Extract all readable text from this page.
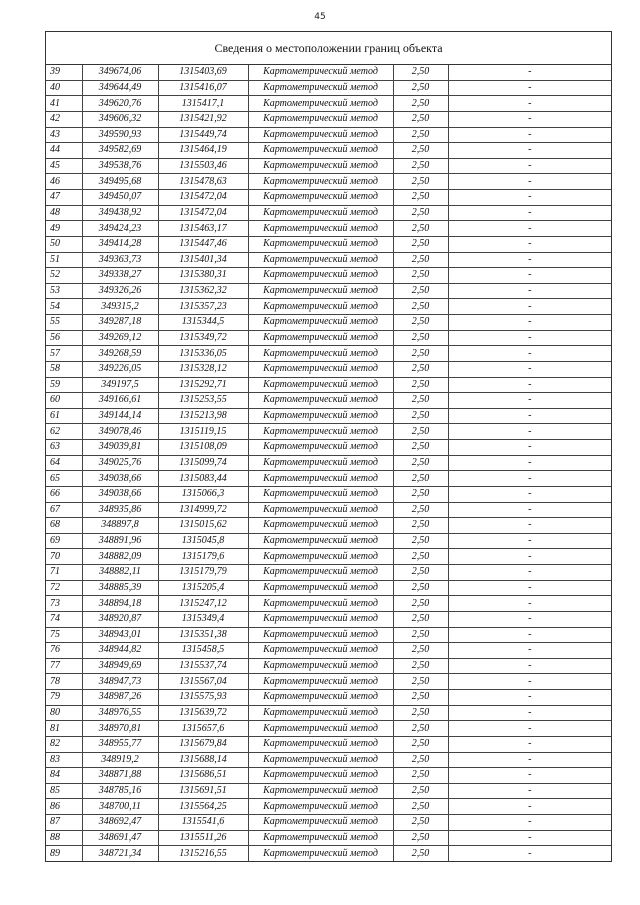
45
Сведения о местоположении границ объекта
39	349674,06	1315403,69	Картометрический метод	2,50	-
40	349644,49	1315416,07	Картометрический метод	2,50	-
41	349620,76	1315417,1	Картометрический метод	2,50	-
42	349606,32	1315421,92	Картометрический метод	2,50	-
43	349590,93	1315449,74	Картометрический метод	2,50	-
44	349582,69	1315464,19	Картометрический метод	2,50	-
45	349538,76	1315503,46	Картометрический метод	2,50	-
46	349495,68	1315478,63	Картометрический метод	2,50	-
47	349450,07	1315472,04	Картометрический метод	2,50	-
48	349438,92	1315472,04	Картометрический метод	2,50	-
49	349424,23	1315463,17	Картометрический метод	2,50	-
50	349414,28	1315447,46	Картометрический метод	2,50	-
51	349363,73	1315401,34	Картометрический метод	2,50	-
52	349338,27	1315380,31	Картометрический метод	2,50	-
53	349326,26	1315362,32	Картометрический метод	2,50	-
54	349315,2	1315357,23	Картометрический метод	2,50	-
55	349287,18	1315344,5	Картометрический метод	2,50	-
56	349269,12	1315349,72	Картометрический метод	2,50	-
57	349268,59	1315336,05	Картометрический метод	2,50	-
58	349226,05	1315328,12	Картометрический метод	2,50	-
59	349197,5	1315292,71	Картометрический метод	2,50	-
60	349166,61	1315253,55	Картометрический метод	2,50	-
61	349144,14	1315213,98	Картометрический метод	2,50	-
62	349078,46	1315119,15	Картометрический метод	2,50	-
63	349039,81	1315108,09	Картометрический метод	2,50	-
64	349025,76	1315099,74	Картометрический метод	2,50	-
65	349038,66	1315083,44	Картометрический метод	2,50	-
66	349038,66	1315066,3	Картометрический метод	2,50	-
67	348935,86	1314999,72	Картометрический метод	2,50	-
68	348897,8	1315015,62	Картометрический метод	2,50	-
69	348891,96	1315045,8	Картометрический метод	2,50	-
70	348882,09	1315179,6	Картометрический метод	2,50	-
71	348882,11	1315179,79	Картометрический метод	2,50	-
72	348885,39	1315205,4	Картометрический метод	2,50	-
73	348894,18	1315247,12	Картометрический метод	2,50	-
74	348920,87	1315349,4	Картометрический метод	2,50	-
75	348943,01	1315351,38	Картометрический метод	2,50	-
76	348944,82	1315458,5	Картометрический метод	2,50	-
77	348949,69	1315537,74	Картометрический метод	2,50	-
78	348947,73	1315567,04	Картометрический метод	2,50	-
79	348987,26	1315575,93	Картометрический метод	2,50	-
80	348976,55	1315639,72	Картометрический метод	2,50	-
81	348970,81	1315657,6	Картометрический метод	2,50	-
82	348955,77	1315679,84	Картометрический метод	2,50	-
83	348919,2	1315688,14	Картометрический метод	2,50	-
84	348871,88	1315686,51	Картометрический метод	2,50	-
85	348785,16	1315691,51	Картометрический метод	2,50	-
86	348700,11	1315564,25	Картометрический метод	2,50	-
87	348692,47	1315541,6	Картометрический метод	2,50	-
88	348691,47	1315511,26	Картометрический метод	2,50	-
89	348721,34	1315216,55	Картометрический метод	2,50	-
